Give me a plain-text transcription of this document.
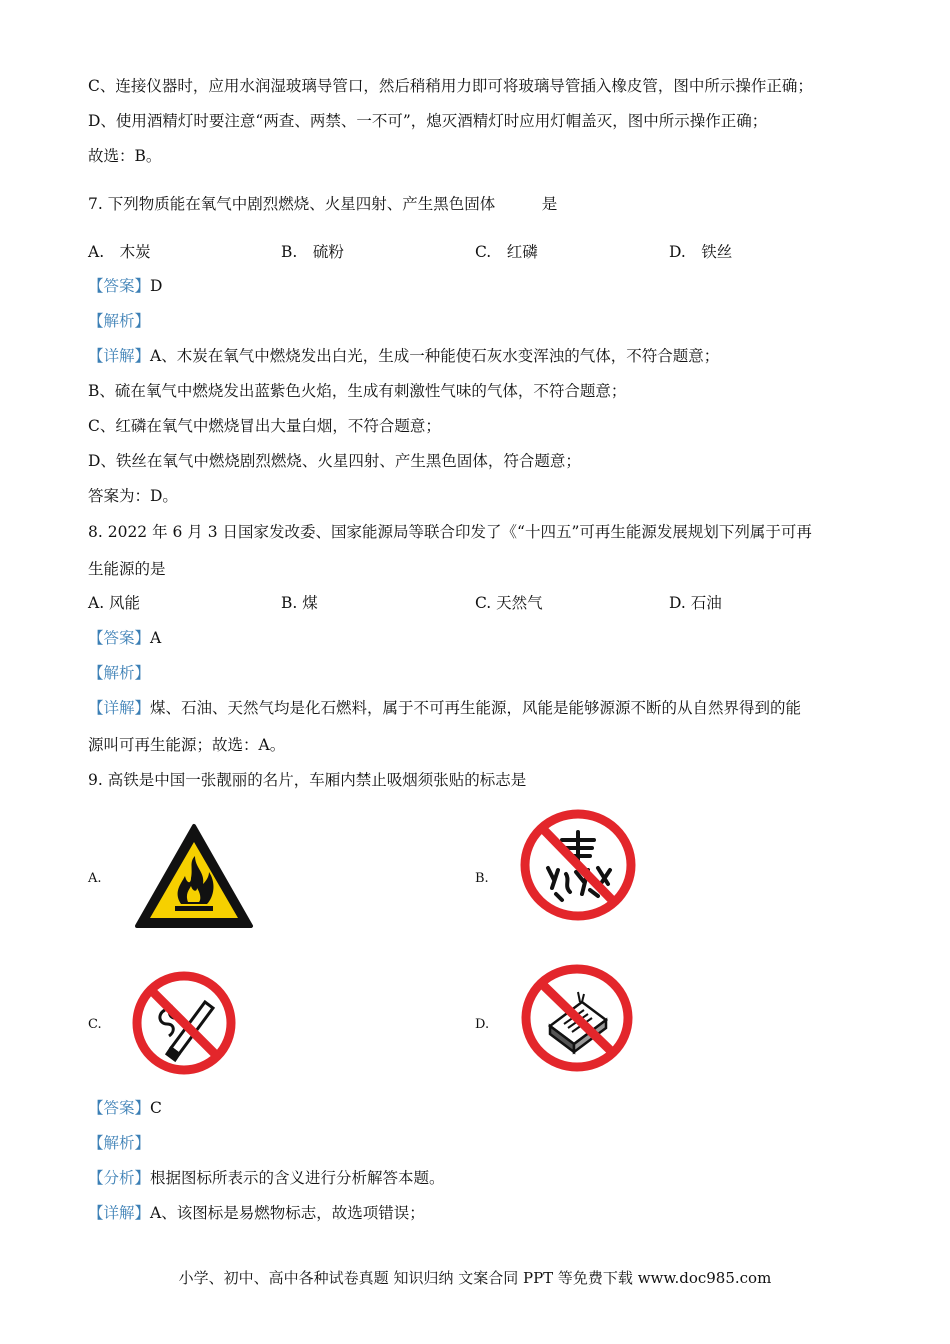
C、连接仪器时，应用水润湿玻璃导管口，然后稍稍用力即可将玻璃导管插入橡皮管，图中所示操作正确；
D、使用酒精灯时要注意“两查、两禁、一不可”，熄灭酒精灯时应用灯帽盖灭，图中所示操作正确；
故选：B。
7. 下列物质能在氧气中剧烈燃烧、火星四射、产生黑色固体　　　是
A.　木炭	B.　硫粉	C.　红磷	D.　铁丝
【答案】D
【解析】
【详解】A、木炭在氧气中燃烧发出白光，生成一种能使石灰水变浑浊的气体，不符合题意；
B、硫在氧气中燃烧发出蓝紫色火焰，生成有刺激性气味的气体，不符合题意；
C、红磷在氧气中燃烧冒出大量白烟，不符合题意；
D、铁丝在氧气中燃烧剧烈燃烧、火星四射、产生黑色固体，符合题意；
答案为：D。
8. 2022 年 6 月 3 日国家发改委、国家能源局等联合印发了《“十四五”可再生能源发展规划下列属于可再
生能源的是
A. 风能	B. 煤	C. 天然气	D. 石油
【答案】A
【解析】
【详解】煤、石油、天然气均是化石燃料，属于不可再生能源，风能是能够源源不断的从自然界得到的能
源叫可再生能源；故选：A。
9. 高铁是中国一张靓丽的名片，车厢内禁止吸烟须张贴的标志是
A.	B.
C.	D.
【答案】C
【解析】
【分析】根据图标所表示的含义进行分析解答本题。
【详解】A、该图标是易燃物标志，故选项错误；
小学、初中、高中各种试卷真题 知识归纳 文案合同 PPT 等免费下载 www.doc985.com
